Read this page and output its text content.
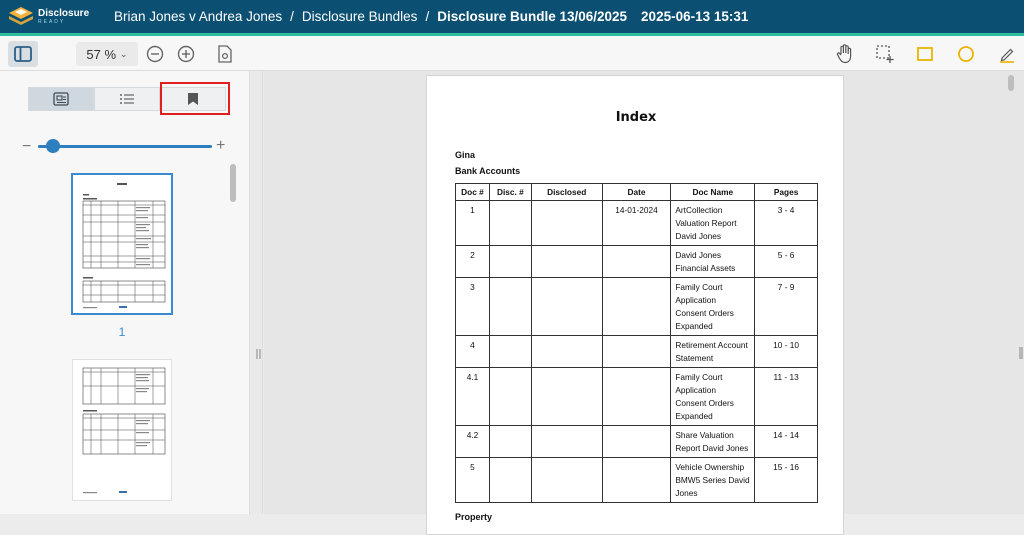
Disclosure
READY	Brian Jones v Andrea Jones / Disclosure Bundles / Disclosure Bundle 13/06/2025 2025-06-13 15:31
57 % ⌄
−	+
1
Index
Gina
Bank Accounts
Doc #	Disc. #	Disclosed	Date	Doc Name	Pages
1			14-01-2024	ArtCollection
Valuation Report
David Jones	3 - 4
2				David Jones
Financial Assets	5 - 6
3				Family Court
Application
Consent Orders
Expanded	7 - 9
4				Retirement Account
Statement	10 - 10
4.1				Family Court
Application
Consent Orders
Expanded	11 - 13
4.2				Share Valuation
Report David Jones	14 - 14
5				Vehicle Ownership
BMW5 Series David
Jones	15 - 16
Property
